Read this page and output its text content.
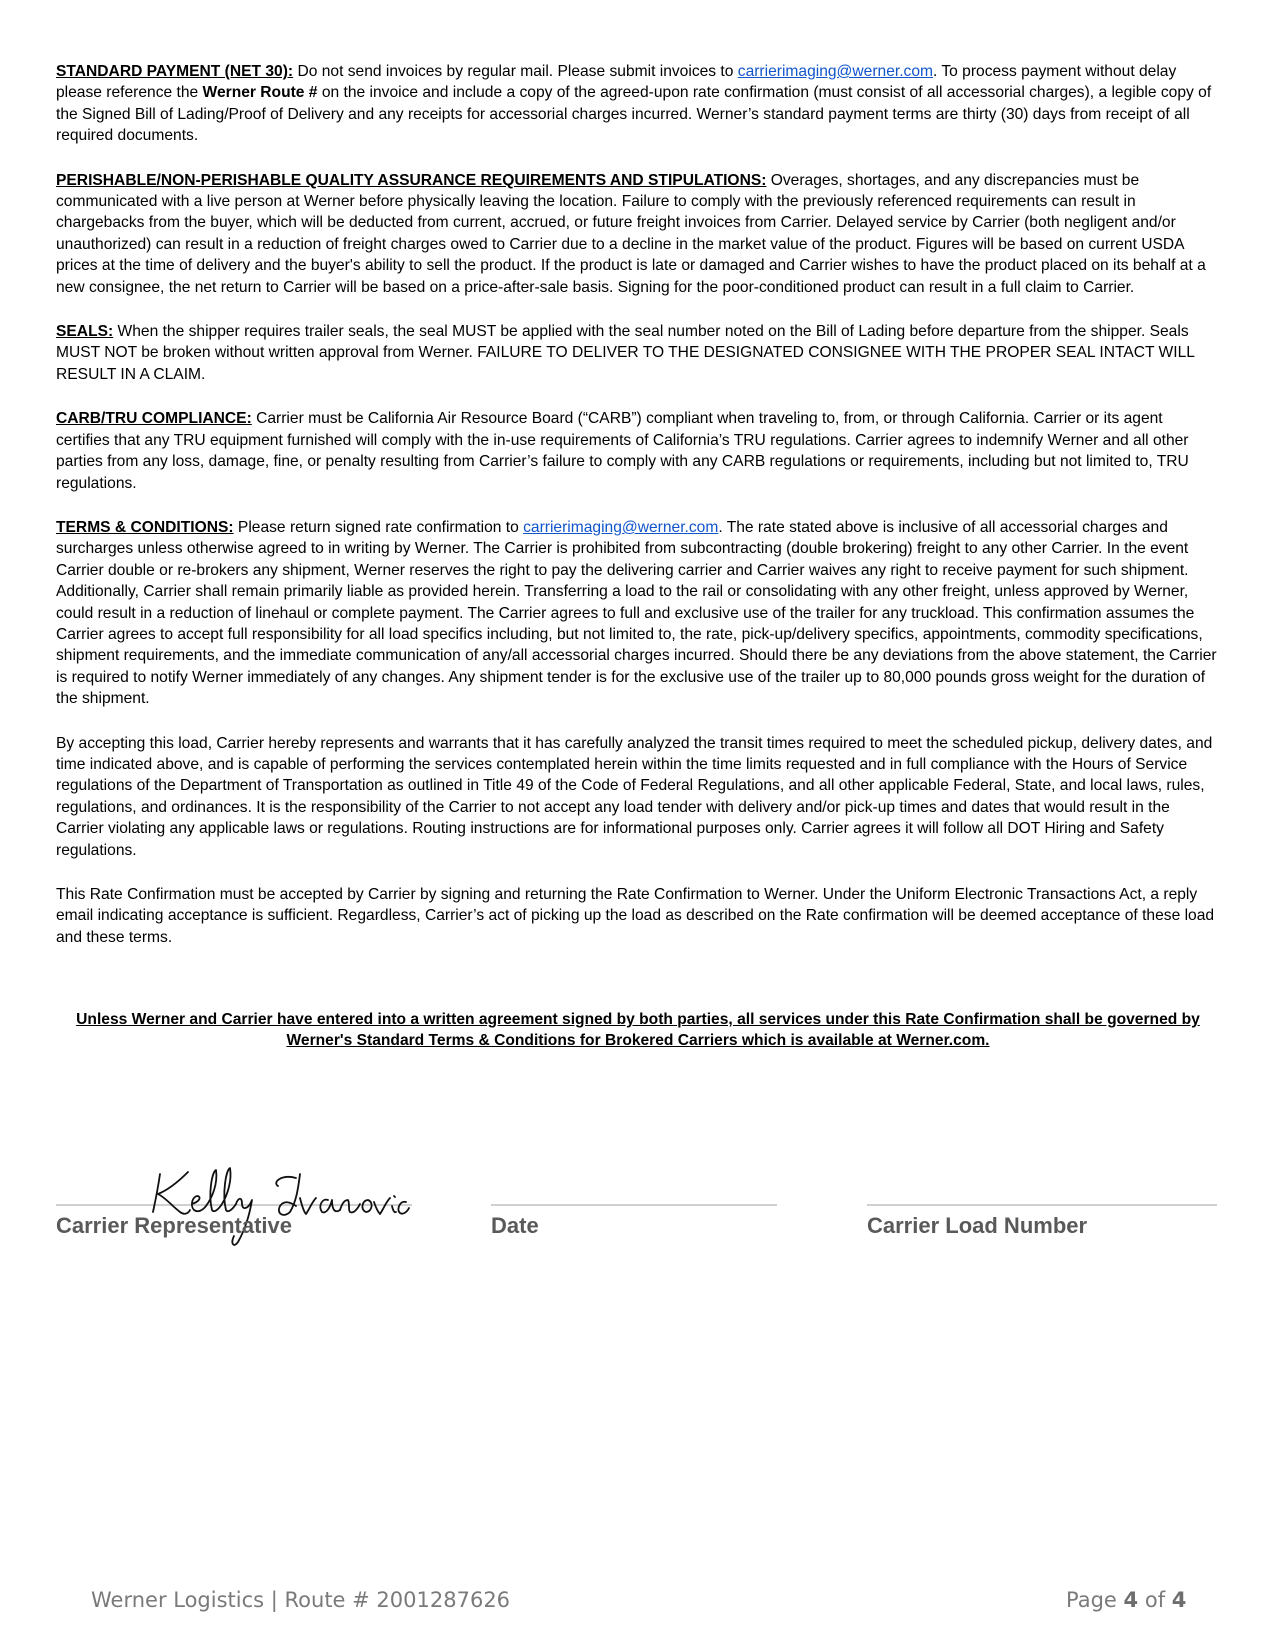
STANDARD PAYMENT (NET 30): Do not send invoices by regular mail. Please submit invoices to carrierimaging@werner.com. To process payment without delay please reference the Werner Route # on the invoice and include a copy of the agreed-upon rate confirmation (must consist of all accessorial charges), a legible copy of the Signed Bill of Lading/Proof of Delivery and any receipts for accessorial charges incurred. Werner’s standard payment terms are thirty (30) days from receipt of all required documents.

PERISHABLE/NON-PERISHABLE QUALITY ASSURANCE REQUIREMENTS AND STIPULATIONS: Overages, shortages, and any discrepancies must be communicated with a live person at Werner before physically leaving the location. Failure to comply with the previously referenced requirements can result in chargebacks from the buyer, which will be deducted from current, accrued, or future freight invoices from Carrier. Delayed service by Carrier (both negligent and/or unauthorized) can result in a reduction of freight charges owed to Carrier due to a decline in the market value of the product. Figures will be based on current USDA prices at the time of delivery and the buyer's ability to sell the product. If the product is late or damaged and Carrier wishes to have the product placed on its behalf at a new consignee, the net return to Carrier will be based on a price-after-sale basis. Signing for the poor-conditioned product can result in a full claim to Carrier.

SEALS: When the shipper requires trailer seals, the seal MUST be applied with the seal number noted on the Bill of Lading before departure from the shipper. Seals MUST NOT be broken without written approval from Werner. FAILURE TO DELIVER TO THE DESIGNATED CONSIGNEE WITH THE PROPER SEAL INTACT WILL RESULT IN A CLAIM.

CARB/TRU COMPLIANCE: Carrier must be California Air Resource Board (“CARB”) compliant when traveling to, from, or through California. Carrier or its agent certifies that any TRU equipment furnished will comply with the in-use requirements of California’s TRU regulations. Carrier agrees to indemnify Werner and all other parties from any loss, damage, fine, or penalty resulting from Carrier’s failure to comply with any CARB regulations or requirements, including but not limited to, TRU regulations.

TERMS & CONDITIONS: Please return signed rate confirmation to carrierimaging@werner.com. The rate stated above is inclusive of all accessorial charges and surcharges unless otherwise agreed to in writing by Werner. The Carrier is prohibited from subcontracting (double brokering) freight to any other Carrier. In the event Carrier double or re-brokers any shipment, Werner reserves the right to pay the delivering carrier and Carrier waives any right to receive payment for such shipment. Additionally, Carrier shall remain primarily liable as provided herein. Transferring a load to the rail or consolidating with any other freight, unless approved by Werner, could result in a reduction of linehaul or complete payment. The Carrier agrees to full and exclusive use of the trailer for any truckload. This confirmation assumes the Carrier agrees to accept full responsibility for all load specifics including, but not limited to, the rate, pick-up/delivery specifics, appointments, commodity specifications, shipment requirements, and the immediate communication of any/all accessorial charges incurred. Should there be any deviations from the above statement, the Carrier is required to notify Werner immediately of any changes. Any shipment tender is for the exclusive use of the trailer up to 80,000 pounds gross weight for the duration of the shipment.

By accepting this load, Carrier hereby represents and warrants that it has carefully analyzed the transit times required to meet the scheduled pickup, delivery dates, and time indicated above, and is capable of performing the services contemplated herein within the time limits requested and in full compliance with the Hours of Service regulations of the Department of Transportation as outlined in Title 49 of the Code of Federal Regulations, and all other applicable Federal, State, and local laws, rules, regulations, and ordinances. It is the responsibility of the Carrier to not accept any load tender with delivery and/or pick-up times and dates that would result in the Carrier violating any applicable laws or regulations. Routing instructions are for informational purposes only. Carrier agrees it will follow all DOT Hiring and Safety regulations.

This Rate Confirmation must be accepted by Carrier by signing and returning the Rate Confirmation to Werner. Under the Uniform Electronic Transactions Act, a reply email indicating acceptance is sufficient. Regardless, Carrier’s act of picking up the load as described on the Rate confirmation will be deemed acceptance of these load and these terms.

Unless Werner and Carrier have entered into a written agreement signed by both parties, all services under this Rate Confirmation shall be governed by Werner's Standard Terms & Conditions for Brokered Carriers which is available at Werner.com.
Carrier Representative	Date	Carrier Load Number
Werner Logistics | Route # 2001287626	Page 4 of 4
